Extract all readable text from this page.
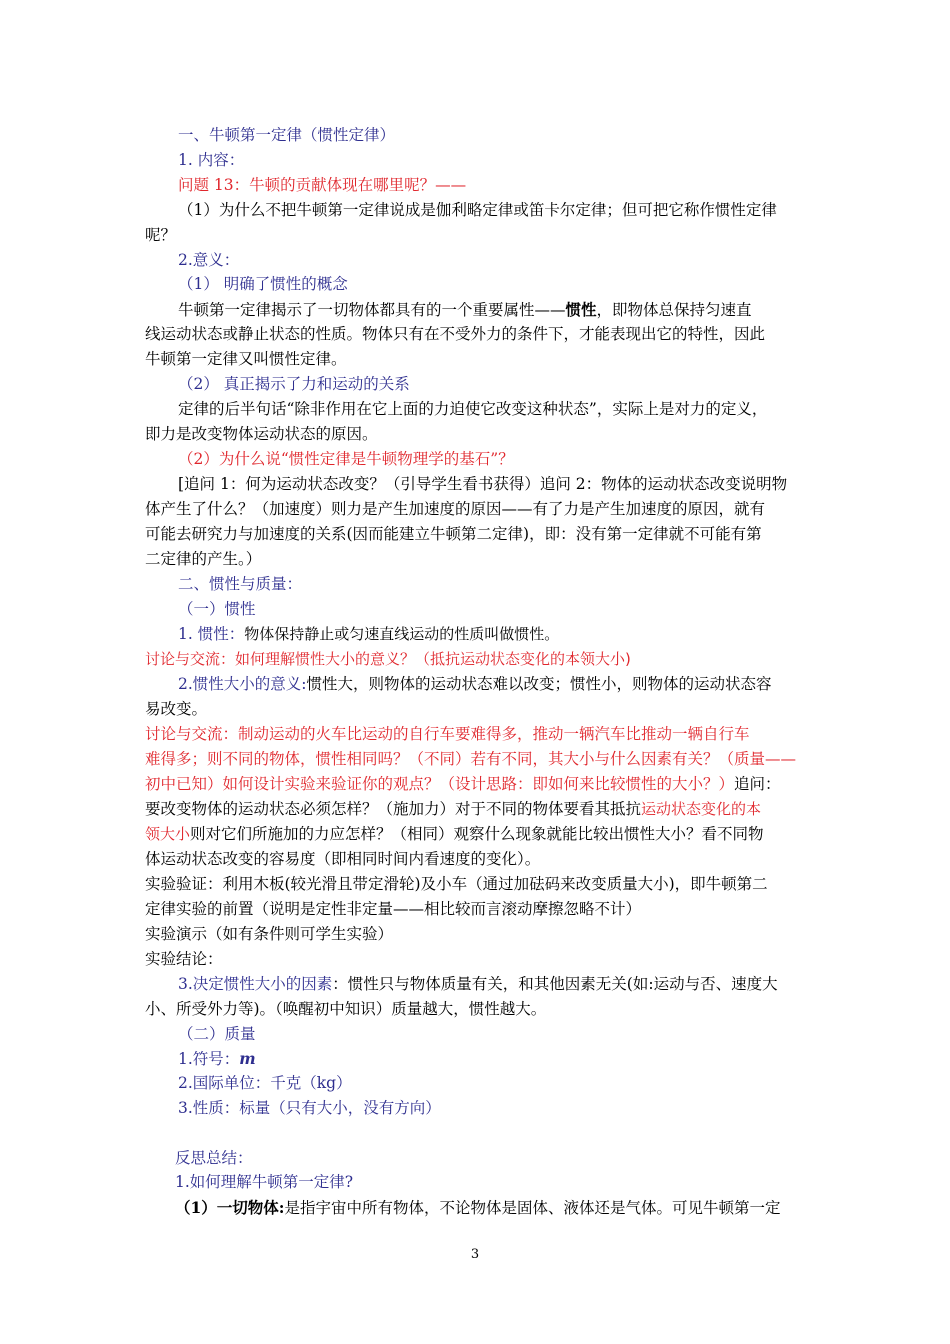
一、牛顿第一定律（惯性定律）
1. 内容：
问题 13：牛顿的贡献体现在哪里呢？——
（1）为什么不把牛顿第一定律说成是伽利略定律或笛卡尔定律；但可把它称作惯性定律
呢？
2.意义：
（1） 明确了惯性的概念
牛顿第一定律揭示了一切物体都具有的一个重要属性——惯性，即物体总保持匀速直
线运动状态或静止状态的性质。物体只有在不受外力的条件下，才能表现出它的特性，因此
牛顿第一定律又叫惯性定律。
（2） 真正揭示了力和运动的关系
定律的后半句话“除非作用在它上面的力迫使它改变这种状态”，实际上是对力的定义，
即力是改变物体运动状态的原因。
（2）为什么说“惯性定律是牛顿物理学的基石”？
[追问 1：何为运动状态改变？（引导学生看书获得）追问 2：物体的运动状态改变说明物
体产生了什么？（加速度）则力是产生加速度的原因——有了力是产生加速度的原因，就有
可能去研究力与加速度的关系(因而能建立牛顿第二定律)，即：没有第一定律就不可能有第
二定律的产生。）
二、惯性与质量：
（一）惯性
1. 惯性：物体保持静止或匀速直线运动的性质叫做惯性。
讨论与交流：如何理解惯性大小的意义？（抵抗运动状态变化的本领大小)
2.惯性大小的意义:惯性大，则物体的运动状态难以改变；惯性小，则物体的运动状态容
易改变。
讨论与交流：制动运动的火车比运动的自行车要难得多，推动一辆汽车比推动一辆自行车
难得多；则不同的物体，惯性相同吗？（不同）若有不同，其大小与什么因素有关？（质量——
初中已知）如何设计实验来验证你的观点？（设计思路：即如何来比较惯性的大小？）追问：
要改变物体的运动状态必须怎样？（施加力）对于不同的物体要看其抵抗运动状态变化的本
领大小则对它们所施加的力应怎样？（相同）观察什么现象就能比较出惯性大小？看不同物
体运动状态改变的容易度（即相同时间内看速度的变化）。
实验验证：利用木板(较光滑且带定滑轮)及小车（通过加砝码来改变质量大小)，即牛顿第二
定律实验的前置（说明是定性非定量——相比较而言滚动摩擦忽略不计）
实验演示（如有条件则可学生实验）
实验结论：
3.决定惯性大小的因素：惯性只与物体质量有关，和其他因素无关(如:运动与否、速度大
小、所受外力等)。（唤醒初中知识）质量越大，惯性越大。
（二）质量
1.符号：m
2.国际单位：千克（kg）
3.性质：标量（只有大小，没有方向）
反思总结：
1.如何理解牛顿第一定律?
（1）一切物体:是指宇宙中所有物体，不论物体是固体、液体还是气体。可见牛顿第一定
3
